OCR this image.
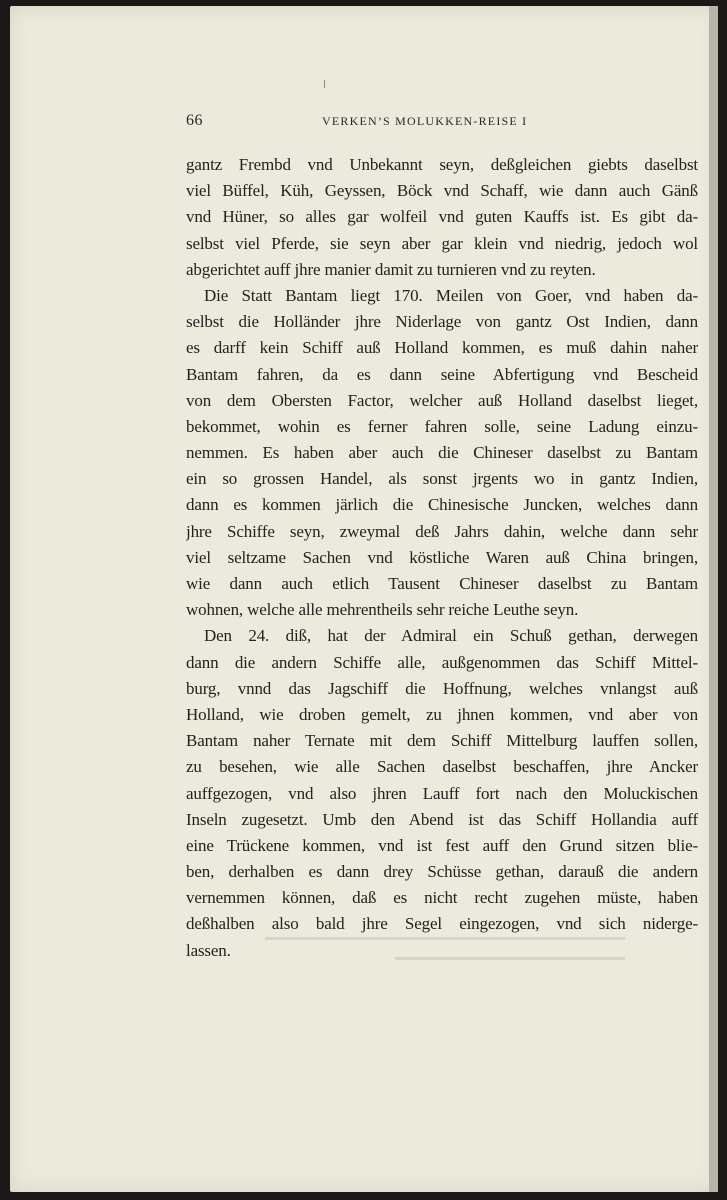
66	VERKEN’S MOLUKKEN-REISE I
gantz Frembd vnd Unbekannt seyn, deßgleichen giebts daselbst
viel Büffel, Küh, Geyssen, Böck vnd Schaff, wie dann auch Gänß
vnd Hüner, so alles gar wolfeil vnd guten Kauffs ist. Es gibt da-
selbst viel Pferde, sie seyn aber gar klein vnd niedrig, jedoch wol
abgerichtet auff jhre manier damit zu turnieren vnd zu reyten.
Die Statt Bantam liegt 170. Meilen von Goer, vnd haben da-
selbst die Holländer jhre Niderlage von gantz Ost Indien, dann
es darff kein Schiff auß Holland kommen, es muß dahin naher
Bantam fahren, da es dann seine Abfertigung vnd Bescheid
von dem Obersten Factor, welcher auß Holland daselbst lieget,
bekommet, wohin es ferner fahren solle, seine Ladung einzu-
nemmen. Es haben aber auch die Chineser daselbst zu Bantam
ein so grossen Handel, als sonst jrgents wo in gantz Indien,
dann es kommen järlich die Chinesische Juncken, welches dann
jhre Schiffe seyn, zweymal deß Jahrs dahin, welche dann sehr
viel seltzame Sachen vnd köstliche Waren auß China bringen,
wie dann auch etlich Tausent Chineser daselbst zu Bantam
wohnen, welche alle mehrentheils sehr reiche Leuthe seyn.
Den 24. diß, hat der Admiral ein Schuß gethan, derwegen
dann die andern Schiffe alle, außgenommen das Schiff Mittel-
burg, vnnd das Jagschiff die Hoffnung, welches vnlangst auß
Holland, wie droben gemelt, zu jhnen kommen, vnd aber von
Bantam naher Ternate mit dem Schiff Mittelburg lauffen sollen,
zu besehen, wie alle Sachen daselbst beschaffen, jhre Ancker
auffgezogen, vnd also jhren Lauff fort nach den Moluckischen
Inseln zugesetzt. Umb den Abend ist das Schiff Hollandia auff
eine Trückene kommen, vnd ist fest auff den Grund sitzen blie-
ben, derhalben es dann drey Schüsse gethan, darauß die andern
vernemmen können, daß es nicht recht zugehen müste, haben
deßhalben also bald jhre Segel eingezogen, vnd sich niderge-
lassen.
